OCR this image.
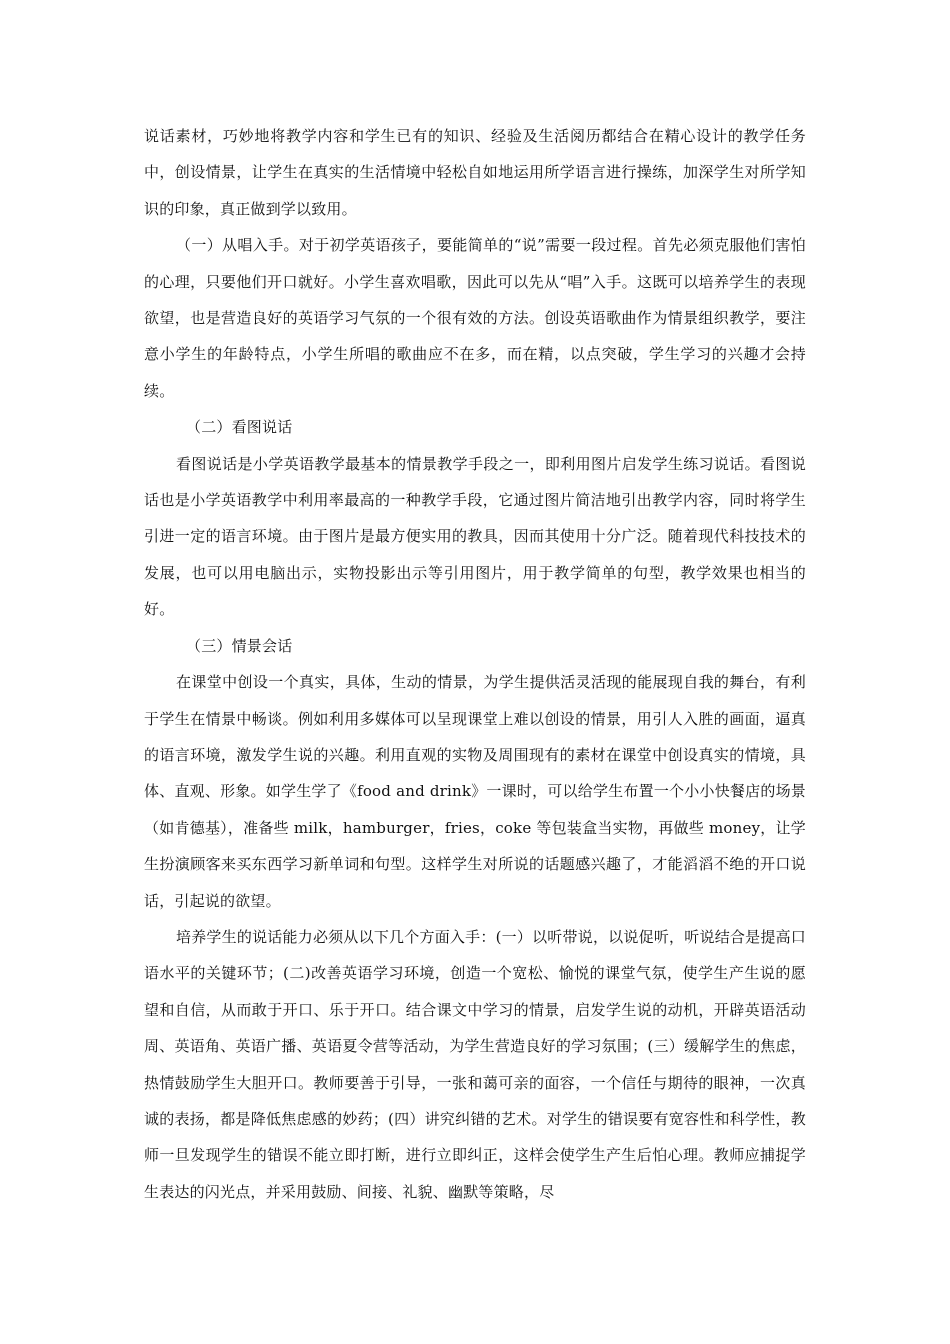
说话素材，巧妙地将教学内容和学生已有的知识、经验及生活阅历都结合在精心设计的教学任务中，创设情景，让学生在真实的生活情境中轻松自如地运用所学语言进行操练，加深学生对所学知识的印象，真正做到学以致用。

（一）从唱入手。对于初学英语孩子，要能简单的“说”需要一段过程。首先必须克服他们害怕的心理，只要他们开口就好。小学生喜欢唱歌，因此可以先从“唱”入手。这既可以培养学生的表现欲望，也是营造良好的英语学习气氛的一个很有效的方法。创设英语歌曲作为情景组织教学，要注意小学生的年龄特点，小学生所唱的歌曲应不在多，而在精，以点突破，学生学习的兴趣才会持续。

（二）看图说话

看图说话是小学英语教学最基本的情景教学手段之一，即利用图片启发学生练习说话。看图说话也是小学英语教学中利用率最高的一种教学手段，它通过图片简洁地引出教学内容，同时将学生引进一定的语言环境。由于图片是最方便实用的教具，因而其使用十分广泛。随着现代科技技术的发展，也可以用电脑出示，实物投影出示等引用图片，用于教学简单的句型，教学效果也相当的好。

（三）情景会话

在课堂中创设一个真实，具体，生动的情景，为学生提供活灵活现的能展现自我的舞台，有利于学生在情景中畅谈。例如利用多媒体可以呈现课堂上难以创设的情景，用引人入胜的画面，逼真的语言环境，激发学生说的兴趣。利用直观的实物及周围现有的素材在课堂中创设真实的情境，具体、直观、形象。如学生学了《food and drink》一课时，可以给学生布置一个小小快餐店的场景（如肯德基），准备些 milk，hamburger，fries，coke 等包装盒当实物，再做些 money，让学生扮演顾客来买东西学习新单词和句型。这样学生对所说的话题感兴趣了，才能滔滔不绝的开口说话，引起说的欲望。

培养学生的说话能力必须从以下几个方面入手：(一）以听带说，以说促听，听说结合是提高口语水平的关键环节；(二)改善英语学习环境，创造一个宽松、愉悦的课堂气氛，使学生产生说的愿望和自信，从而敢于开口、乐于开口。结合课文中学习的情景，启发学生说的动机，开辟英语活动周、英语角、英语广播、英语夏令营等活动，为学生营造良好的学习氛围；(三）缓解学生的焦虑，热情鼓励学生大胆开口。教师要善于引导，一张和蔼可亲的面容，一个信任与期待的眼神，一次真诚的表扬，都是降低焦虑感的妙药；(四）讲究纠错的艺术。对学生的错误要有宽容性和科学性，教师一旦发现学生的错误不能立即打断，进行立即纠正，这样会使学生产生后怕心理。教师应捕捉学生表达的闪光点，并采用鼓励、间接、礼貌、幽默等策略，尽
